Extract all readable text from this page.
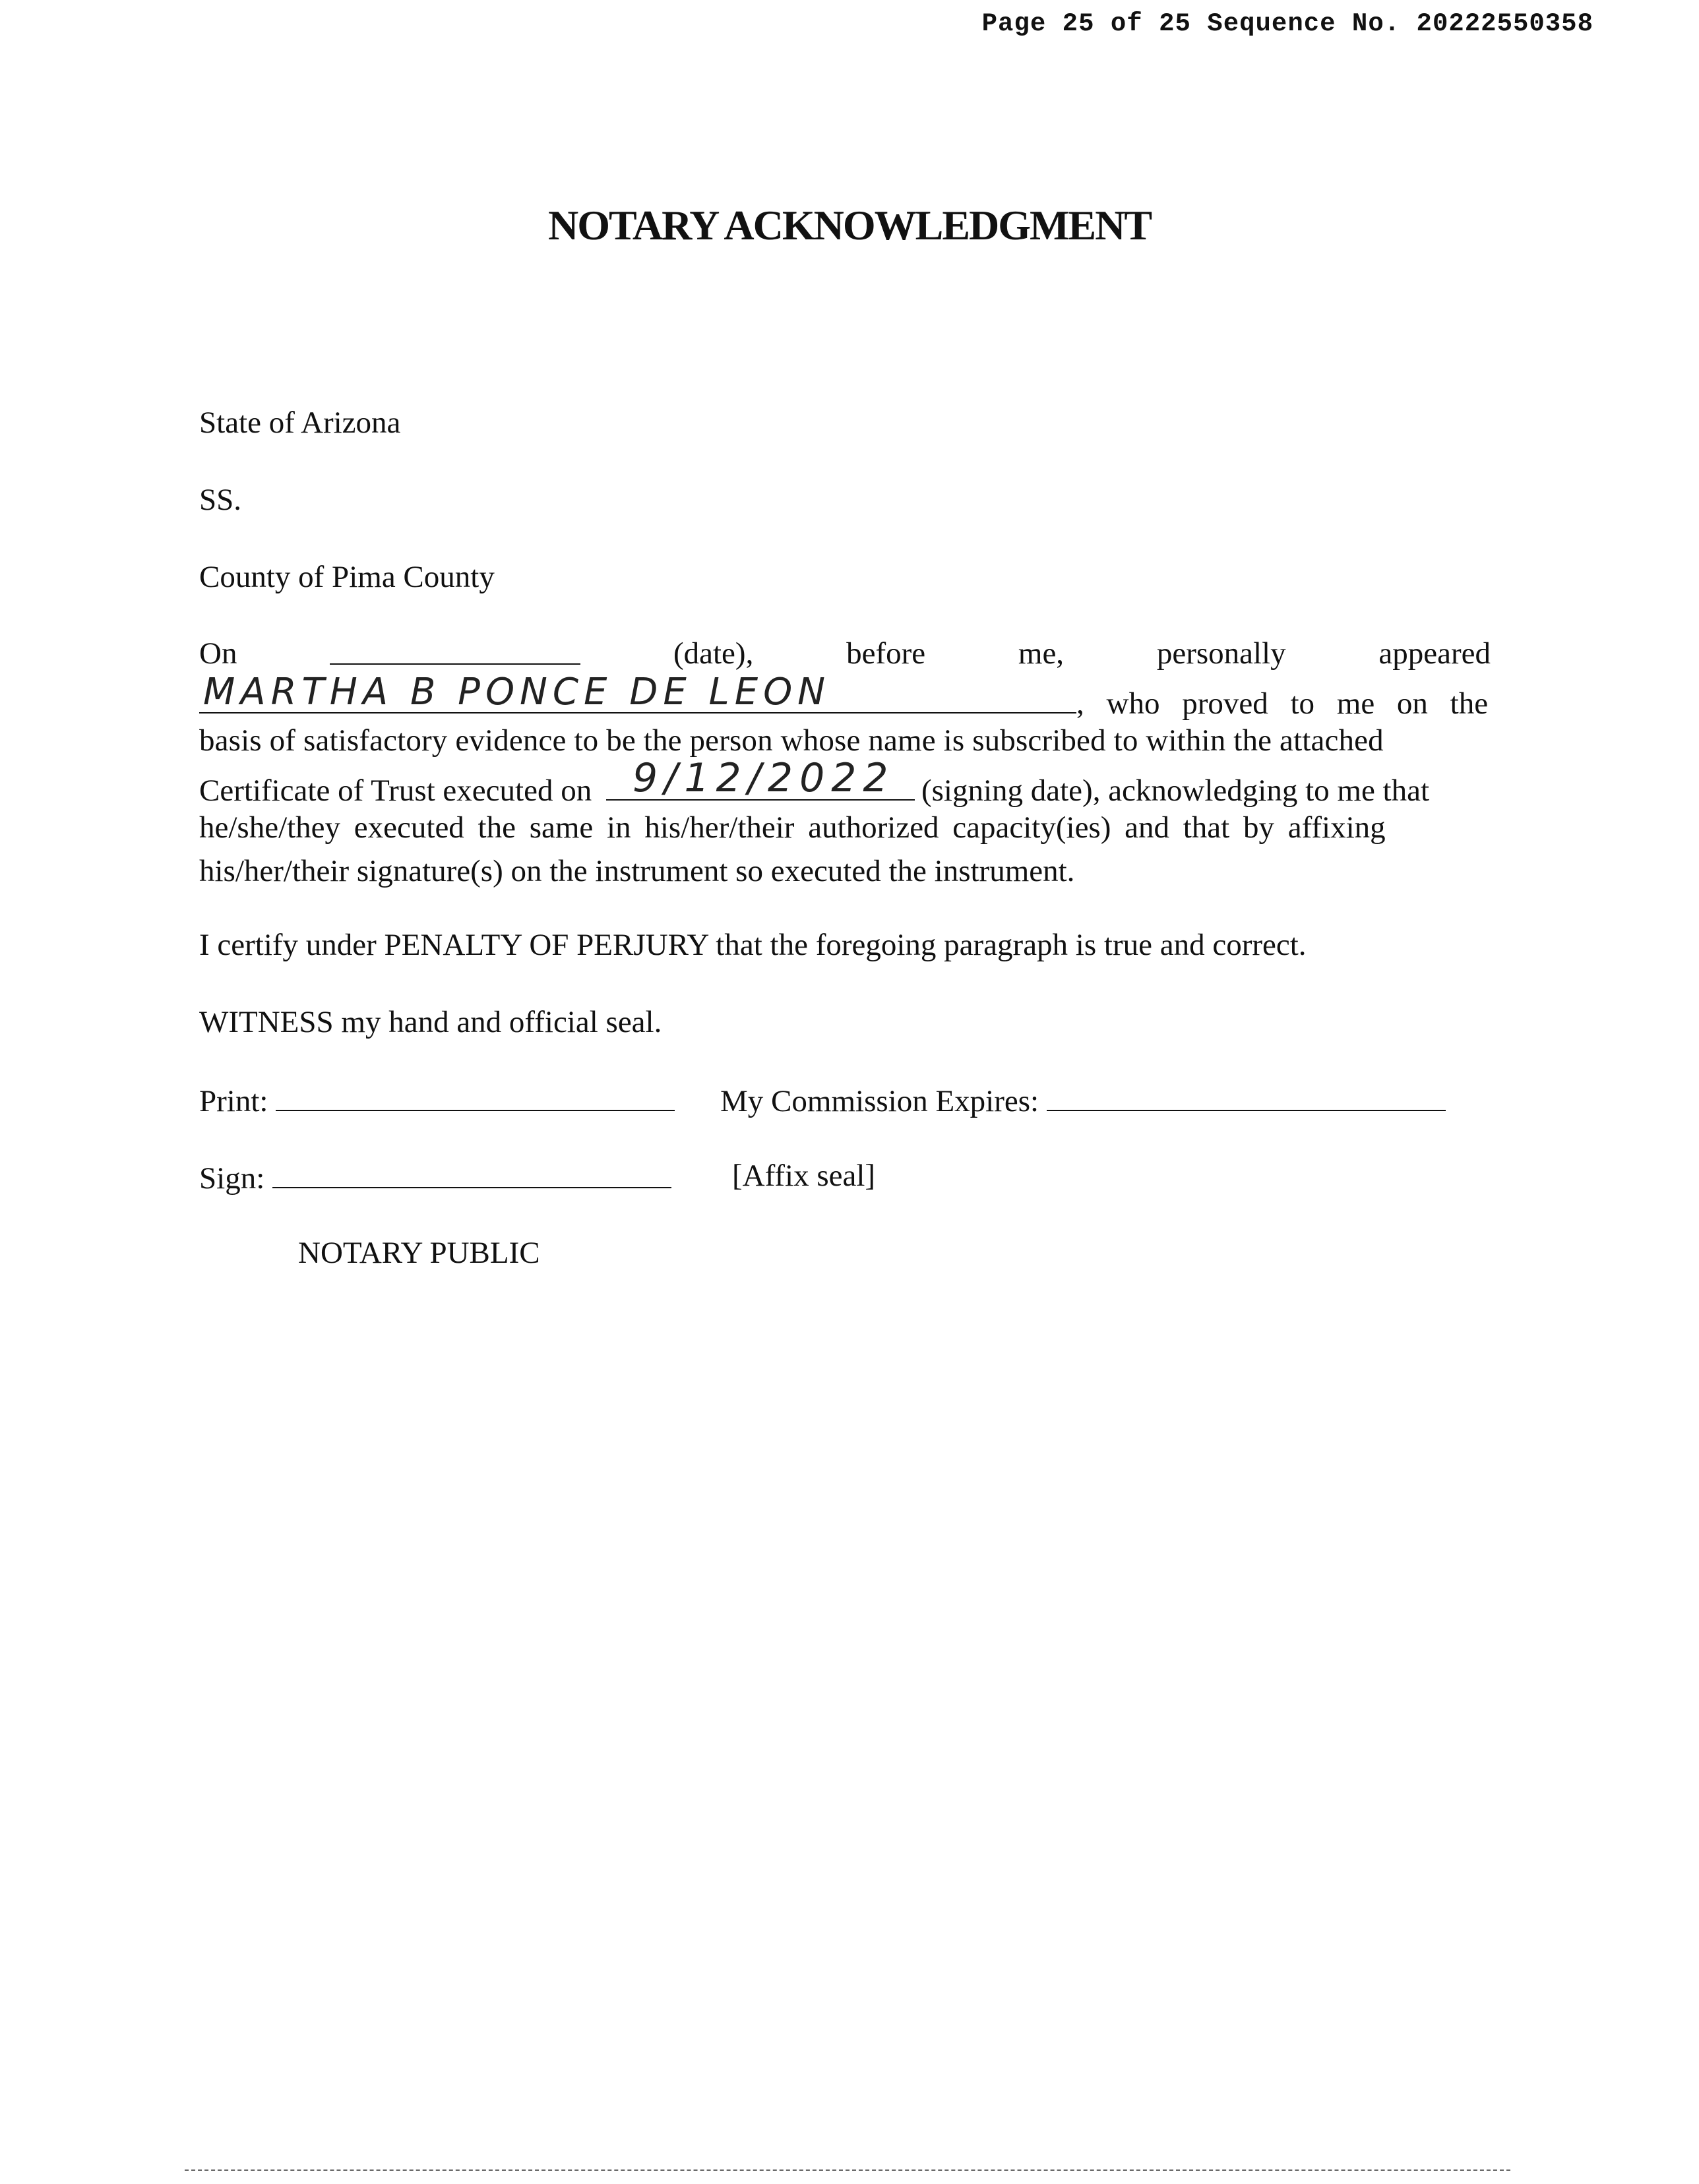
Page 25 of 25 Sequence No. 20222550358
NOTARY ACKNOWLEDGMENT
State of Arizona
SS.
County of Pima County
On	(date),	before	me,	personally	appeared
MARTHA B PONCE DE LEON	, who proved to me on the
basis of satisfactory evidence to be the person whose name is subscribed to within the attached
Certificate of Trust executed on 9/12/2022 (signing date), acknowledging to me that
he/she/they executed the same in his/her/their authorized capacity(ies) and that by affixing
his/her/their signature(s) on the instrument so executed the instrument.
I certify under PENALTY OF PERJURY that the foregoing paragraph is true and correct.
WITNESS my hand and official seal.
Print:	My Commission Expires:
Sign:	[Affix seal]
NOTARY PUBLIC
